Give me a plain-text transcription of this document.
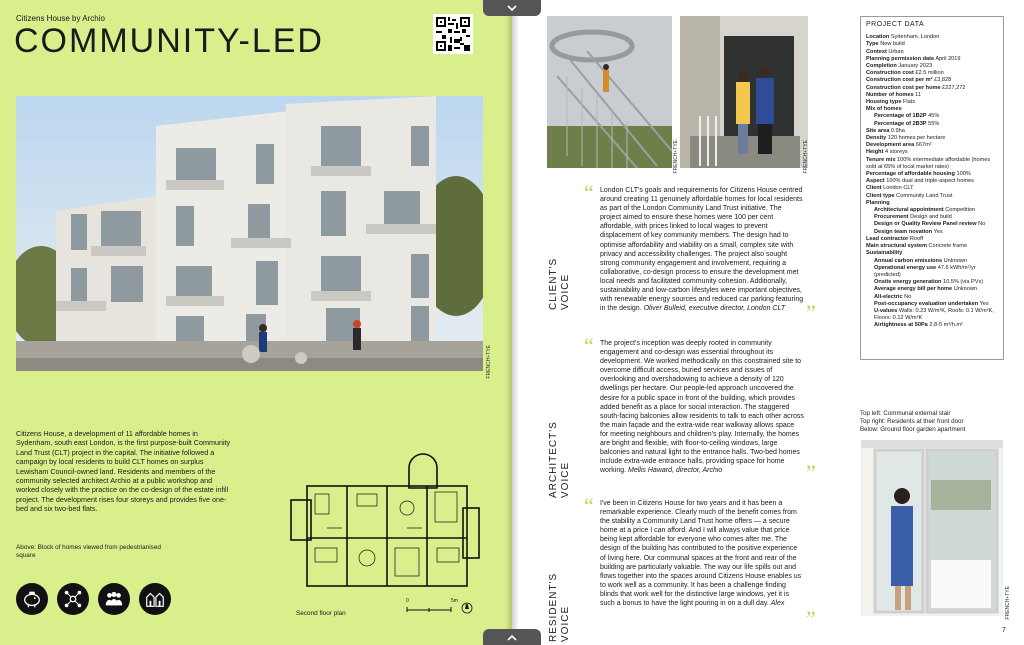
Citizens House by Archio
COMMUNITY-LED
FRENCH+TYE
Citizens House, a development of 11 affordable homes in Sydenham, south east London, is the first purpose-built Community Land Trust (CLT) project in the capital. The initiative followed a campaign by local residents to build CLT homes on surplus Lewisham Council-owned land. Residents and members of the community selected architect Archio at a public workshop and worked closely with the practice on the co-design of the estate infill project. The development rises four storeys and provides five one-bed and six two-bed flats.
Above: Block of homes viewed from pedestrianised square
Second floor plan
0	5m
N
FRENCH+TYE	FRENCH+TYE
CLIENT'S
VOICE
“ London CLT's goals and requirements for Citizens House centred around creating 11 genuinely affordable homes for local residents as part of the London Community Land Trust initiative. The project aimed to ensure these homes were 100 per cent affordable, with prices linked to local wages to prevent displacement of key community members. The design had to optimise affordability and viability on a small, complex site with privacy and accessibility challenges. The project also sought strong community engagement and involvement, requiring a collaborative, co-design process to ensure the development met local needs and facilitated community cohesion. Additionally, sustainability and low-carbon lifestyles were important objectives, with renewable energy sources and reduced car parking featuring in the design. Oliver Bulleid, executive director, London CLT ”
ARCHITECT'S
VOICE
“ The project's inception was deeply rooted in community engagement and co-design was essential throughout its development. We worked methodically on this constrained site to overcome difficult access, buried services and issues of overlooking and overshadowing to achieve a density of 120 dwellings per hectare. Our people-led approach uncovered the desire for a public space in front of the building, which provides added benefit as a place for social interaction. The staggered south-facing balconies allow residents to talk to each other across the main façade and the extra-wide rear walkway allows space for meeting neighbours and children's play. Internally, the homes are bright and flexible, with floor-to-ceiling windows, large balconies and natural light to the entrance halls. Two-bed homes include extra-wide entrance halls, providing space for home working. Mellis Haward, director, Archio	”
RESIDENT'S
VOICE
“ I've been in Citizens House for two years and it has been a remarkable experience. Clearly much of the benefit comes from the stability a Community Land Trust home offers — a secure home at a price I can afford. And I will always value that price being kept affordable for everyone who comes after me. The design of the building has contributed to the positive experience of living here. Our communal spaces at the front and rear of the building are particularly valuable. The way our life spills out and flows together into the spaces around Citizens House enables us to work well as a community. It has been a challenge finding blinds that work well for the distinctive large windows, yet it is such a bonus to have the light pouring in on a dull day. Alex
”
PROJECT DATA
Location Sydenham, London
Type New build
Context Urban
Planning permission date April 2019
Completion January 2023
Construction cost £2.5 million
Construction cost per m² £3,828
Construction cost per home £227,272
Number of homes 11
Housing type Flats
Mix of homes
Percentage of 1B2P 45%
Percentage of 2B3P 55%
Site area 0.9ha
Density 120 homes per hectare
Development area 667m²
Height 4 storeys
Tenure mix 100% intermediate affordable (homes sold at 65% of local market rates)
Percentage of affordable housing 100%
Aspect 100% dual and triple-aspect homes
Client London CLT
Client type Community Land Trust
Planning
Architectural appointment Competition
Procurement Design and build
Design or Quality Review Panel review No
Design team novation Yes
Lead contractor Rooff
Main structural system Concrete frame
Sustainability
Annual carbon emissions Unknown
Operational energy use 47.6 kWh/m²/yr (predicted)
Onsite energy generation 10.5% (via PVs)
Average energy bill per home Unknown
All-electric No
Post-occupancy evaluation undertaken Yes
U-values Walls: 0.23 W/m²K, Roofs: 0.1 W/m²K, Floors: 0.12 W/m²K
Airtightness at 50Pa 2.8-5 m³/h.m²
Top left: Communal external stair
Top right: Residents at their front door
Below: Ground floor garden apartment
FRENCH+TYE
7
